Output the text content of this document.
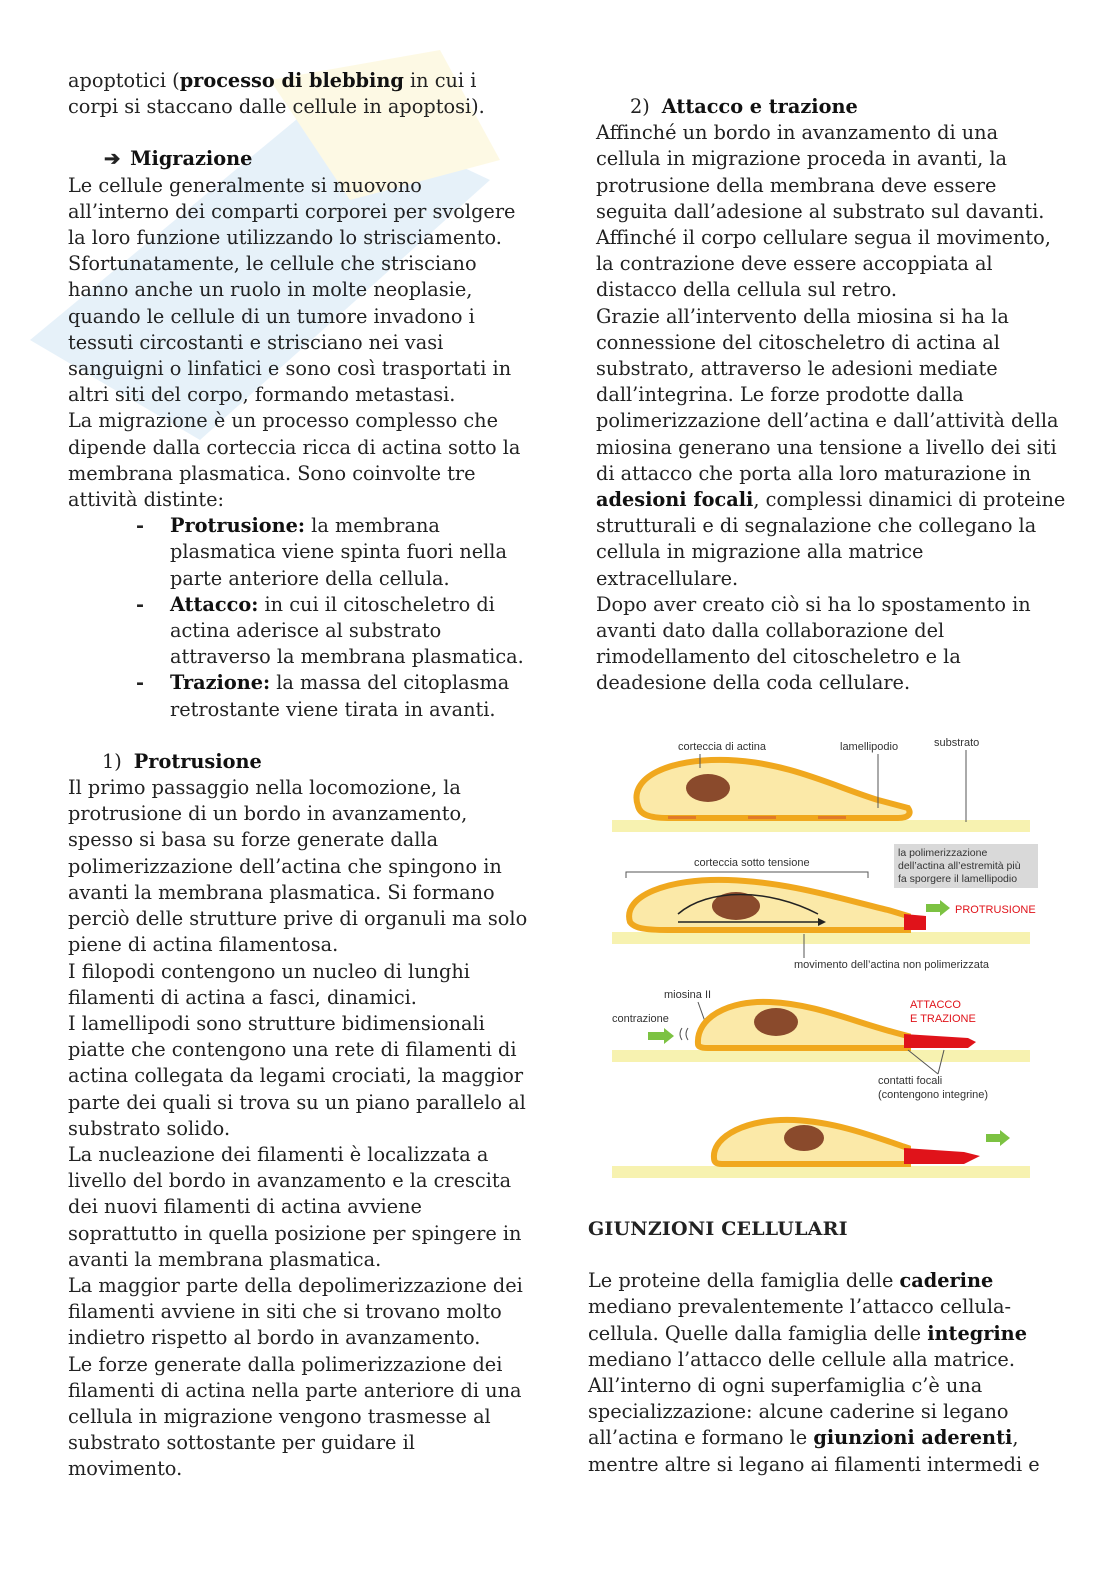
apoptotici (processo di blebbing in cui i corpi si staccano dalle cellule in apoptosi).

➔ Migrazione

Le cellule generalmente si muovono all’interno dei comparti corporei per svolgere la loro funzione utilizzando lo strisciamento. Sfortunatamente, le cellule che strisciano hanno anche un ruolo in molte neoplasie, quando le cellule di un tumore invadono i tessuti circostanti e strisciano nei vasi sanguigni o linfatici e sono così trasportati in altri siti del corpo, formando metastasi.

La migrazione è un processo complesso che dipende dalla corteccia ricca di actina sotto la membrana plasmatica. Sono coinvolte tre attività distinte:

- Protrusione: la membrana plasmatica viene spinta fuori nella parte anteriore della cellula.
- Attacco: in cui il citoscheletro di actina aderisce al substrato attraverso la membrana plasmatica.
- Trazione: la massa del citoplasma retrostante viene tirata in avanti.

1) Protrusione

Il primo passaggio nella locomozione, la protrusione di un bordo in avanzamento, spesso si basa su forze generate dalla polimerizzazione dell’actina che spingono in avanti la membrana plasmatica. Si formano perciò delle strutture prive di organuli ma solo piene di actina filamentosa.

I filopodi contengono un nucleo di lunghi filamenti di actina a fasci, dinamici.

I lamellipodi sono strutture bidimensionali piatte che contengono una rete di filamenti di actina collegata da legami crociati, la maggior parte dei quali si trova su un piano parallelo al substrato solido.

La nucleazione dei filamenti è localizzata a livello del bordo in avanzamento e la crescita dei nuovi filamenti di actina avviene soprattutto in quella posizione per spingere in avanti la membrana plasmatica.

La maggior parte della depolimerizzazione dei filamenti avviene in siti che si trovano molto indietro rispetto al bordo in avanzamento.

Le forze generate dalla polimerizzazione dei filamenti di actina nella parte anteriore di una cellula in migrazione vengono trasmesse al substrato sottostante per guidare il movimento.

2) Attacco e trazione

Affinché un bordo in avanzamento di una cellula in migrazione proceda in avanti, la protrusione della membrana deve essere seguita dall’adesione al substrato sul davanti.

Affinché il corpo cellulare segua il movimento, la contrazione deve essere accoppiata al distacco della cellula sul retro.

Grazie all’intervento della miosina si ha la connessione del citoscheletro di actina al substrato, attraverso le adesioni mediate dall’integrina. Le forze prodotte dalla polimerizzazione dell’actina e dall’attività della miosina generano una tensione a livello dei siti di attacco che porta alla loro maturazione in adesioni focali, complessi dinamici di proteine strutturali e di segnalazione che collegano la cellula in migrazione alla matrice extracellulare.

Dopo aver creato ciò si ha lo spostamento in avanti dato dalla collaborazione del rimodellamento del citoscheletro e la deadesione della coda cellulare.

corteccia di actina	lamellipodio	substrato
corteccia sotto tensione
la polimerizzazione
dell’actina all’estremità più
fa sporgere il lamellipodio
PROTRUSIONE
movimento dell’actina non polimerizzata
miosina II
contrazione
ATTACCO
E TRAZIONE
contatti focali
(contengono integrine)

GIUNZIONI CELLULARI

Le proteine della famiglia delle caderine mediano prevalentemente l’attacco cellula-cellula. Quelle dalla famiglia delle integrine mediano l’attacco delle cellule alla matrice. All’interno di ogni superfamiglia c’è una specializzazione: alcune caderine si legano all’actina e formano le giunzioni aderenti, mentre altre si legano ai filamenti intermedi e
